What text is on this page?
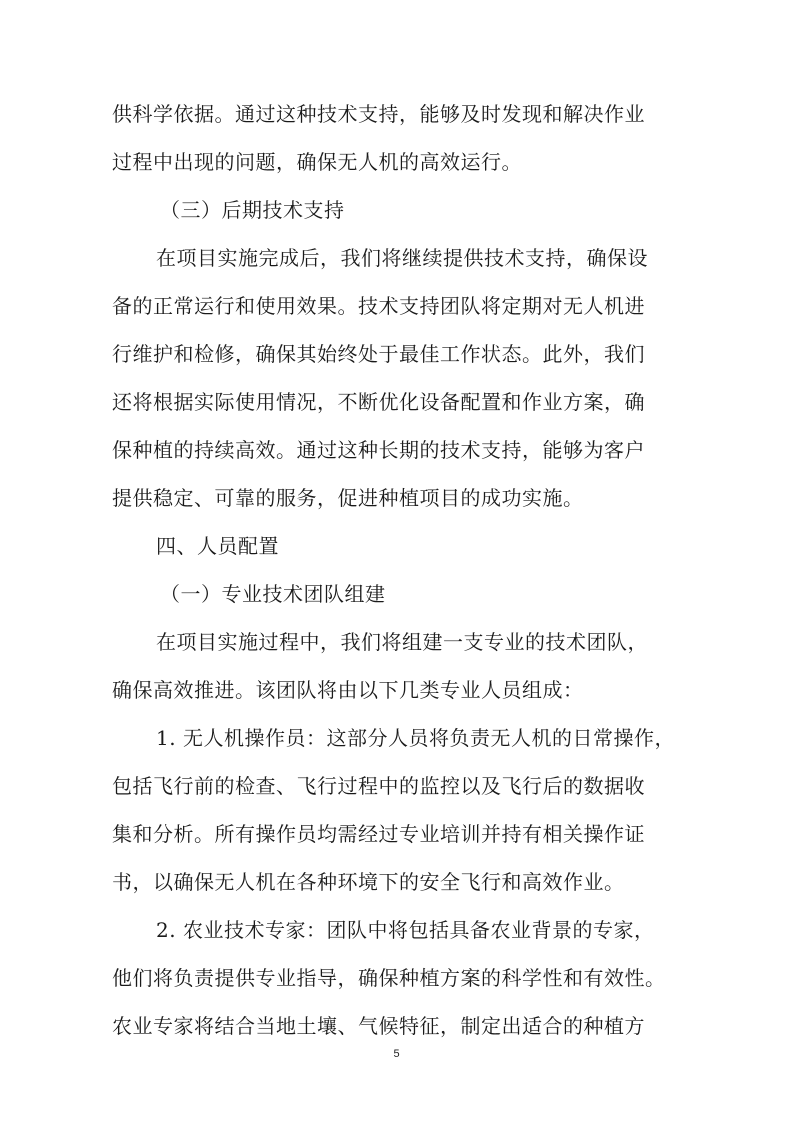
供科学依据。通过这种技术支持，能够及时发现和解决作业
过程中出现的问题，确保无人机的高效运行。
（三）后期技术支持
在项目实施完成后，我们将继续提供技术支持，确保设
备的正常运行和使用效果。技术支持团队将定期对无人机进
行维护和检修，确保其始终处于最佳工作状态。此外，我们
还将根据实际使用情况，不断优化设备配置和作业方案，确
保种植的持续高效。通过这种长期的技术支持，能够为客户
提供稳定、可靠的服务，促进种植项目的成功实施。
四、人员配置
（一）专业技术团队组建
在项目实施过程中，我们将组建一支专业的技术团队，
确保高效推进。该团队将由以下几类专业人员组成：
1. 无人机操作员：这部分人员将负责无人机的日常操作，
包括飞行前的检查、飞行过程中的监控以及飞行后的数据收
集和分析。所有操作员均需经过专业培训并持有相关操作证
书，以确保无人机在各种环境下的安全飞行和高效作业。
2. 农业技术专家：团队中将包括具备农业背景的专家，
他们将负责提供专业指导，确保种植方案的科学性和有效性。
农业专家将结合当地土壤、气候特征，制定出适合的种植方
5
